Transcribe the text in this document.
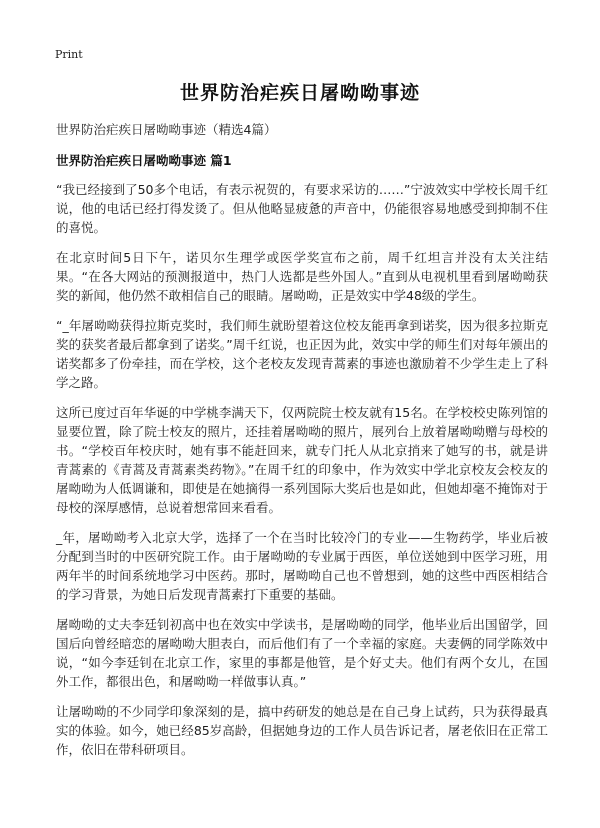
Print
世界防治疟疾日屠呦呦事迹

世界防治疟疾日屠呦呦事迹（精选4篇）

世界防治疟疾日屠呦呦事迹 篇1

“我已经接到了50多个电话，有表示祝贺的，有要求采访的……”宁波效实中学校长周千红说，他的电话已经打得发烫了。但从他略显疲惫的声音中，仍能很容易地感受到抑制不住的喜悦。

在北京时间5日下午，诺贝尔生理学或医学奖宣布之前，周千红坦言并没有太关注结果。“在各大网站的预测报道中，热门人选都是些外国人。”直到从电视机里看到屠呦呦获奖的新闻，他仍然不敢相信自己的眼睛。屠呦呦，正是效实中学48级的学生。

“_年屠呦呦获得拉斯克奖时，我们师生就盼望着这位校友能再拿到诺奖，因为很多拉斯克奖的获奖者最后都拿到了诺奖。”周千红说，也正因为此，效实中学的师生们对每年颁出的诺奖都多了份牵挂，而在学校，这个老校友发现青蒿素的事迹也激励着不少学生走上了科学之路。

这所已度过百年华诞的中学桃李满天下，仅两院院士校友就有15名。在学校校史陈列馆的显要位置，除了院士校友的照片，还挂着屠呦呦的照片，展列台上放着屠呦呦赠与母校的书。“学校百年校庆时，她有事不能赶回来，就专门托人从北京捎来了她写的书，就是讲青蒿素的《青蒿及青蒿素类药物》。”在周千红的印象中，作为效实中学北京校友会校友的屠呦呦为人低调谦和，即使是在她摘得一系列国际大奖后也是如此，但她却毫不掩饰对于母校的深厚感情，总说着想常回来看看。

_年，屠呦呦考入北京大学，选择了一个在当时比较冷门的专业——生物药学，毕业后被分配到当时的中医研究院工作。由于屠呦呦的专业属于西医，单位送她到中医学习班，用两年半的时间系统地学习中医药。那时，屠呦呦自己也不曾想到，她的这些中西医相结合的学习背景，为她日后发现青蒿素打下重要的基础。

屠呦呦的丈夫李廷钊初高中也在效实中学读书，是屠呦呦的同学，他毕业后出国留学，回国后向曾经暗恋的屠呦呦大胆表白，而后他们有了一个幸福的家庭。夫妻俩的同学陈效中说，“如今李廷钊在北京工作，家里的事都是他管，是个好丈夫。他们有两个女儿，在国外工作，都很出色，和屠呦呦一样做事认真。”

让屠呦呦的不少同学印象深刻的是，搞中药研发的她总是在自己身上试药，只为获得最真实的体验。如今，她已经85岁高龄，但据她身边的工作人员告诉记者，屠老依旧在正常工作，依旧在带科研项目。
